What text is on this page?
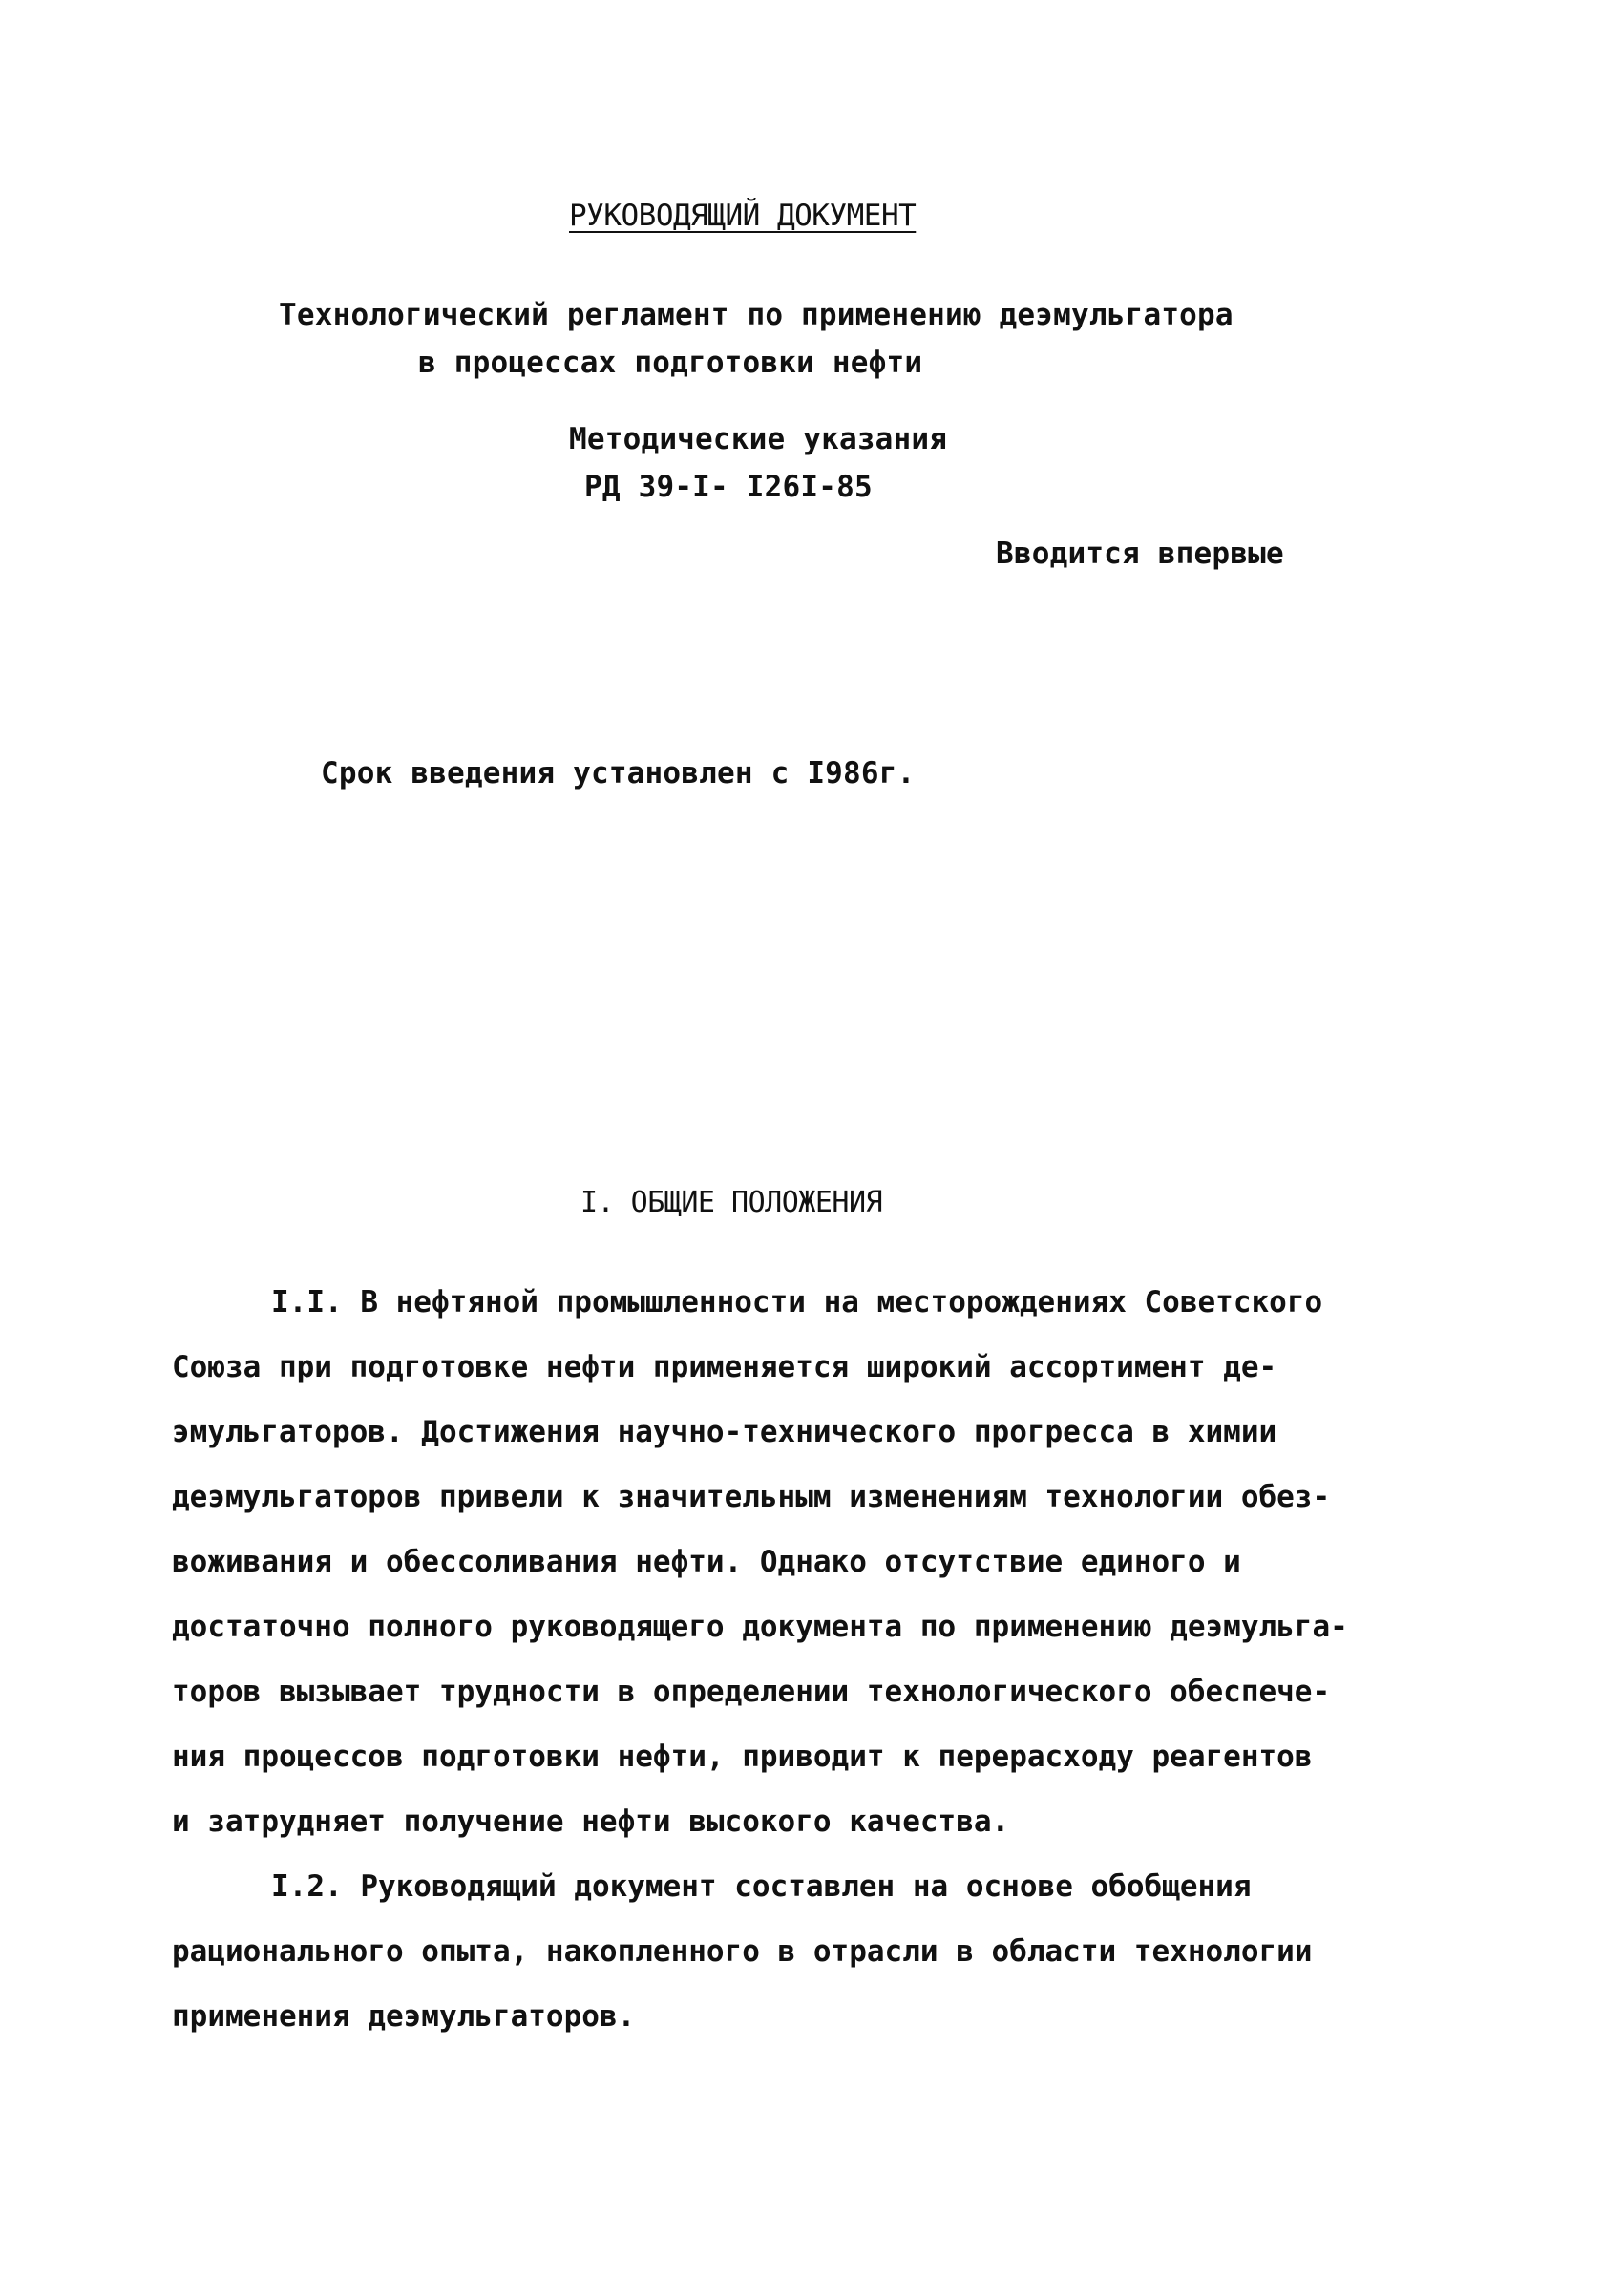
РУКОВОДЯЩИЙ ДОКУМЕНТ
Технологический регламент по применению деэмульгатора
в процессах подготовки нефти
Методические указания
РД 39-I- I26I-85
Вводится впервые
Срок введения установлен с I986г.
I. ОБЩИЕ ПОЛОЖЕНИЯ
I.I. В нефтяной промышленности на месторождениях Советского
Союза при подготовке нефти применяется широкий ассортимент де-
эмульгаторов. Достижения научно-технического прогресса в химии
деэмульгаторов привели к значительным изменениям технологии обез-
воживания и обессоливания нефти. Однако отсутствие единого и
достаточно полного руководящего документа по применению деэмульга-
торов вызывает трудности в определении технологического обеспече-
ния процессов подготовки нефти, приводит к перерасходу реагентов
и затрудняет получение нефти высокого качества.
I.2. Руководящий документ составлен на основе обобщения
рационального опыта, накопленного в отрасли в области технологии
применения деэмульгаторов.
